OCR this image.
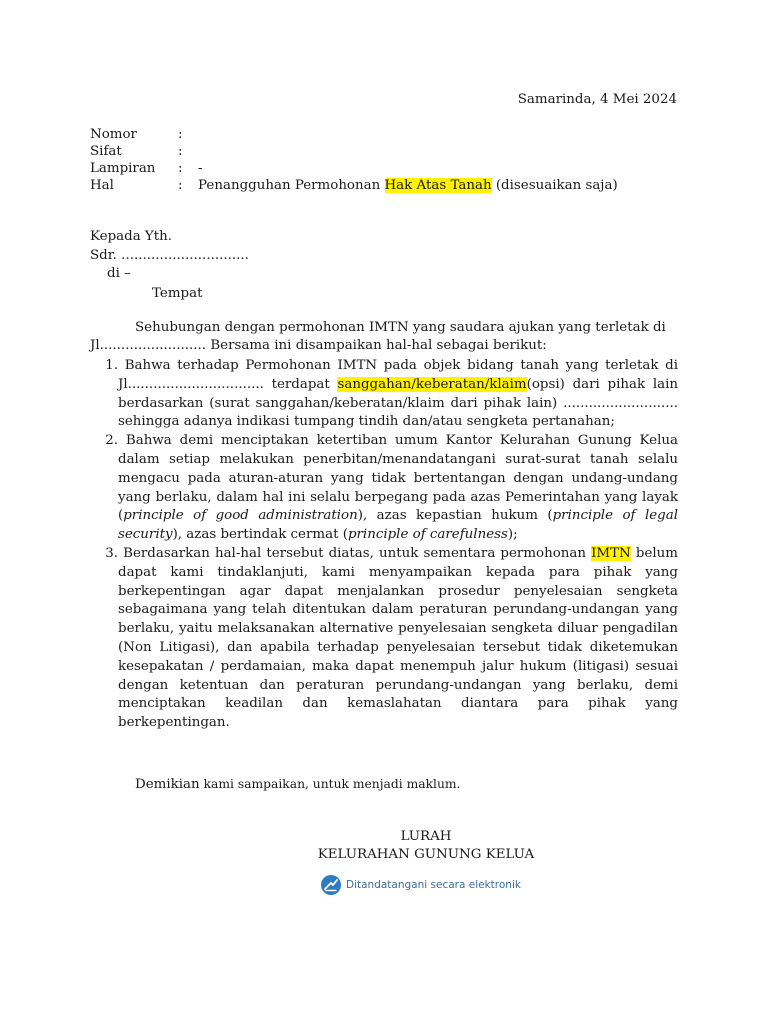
Samarinda, 4 Mei 2024
Nomor	:
Sifat	:
Lampiran : -
Hal	: Penangguhan Permohonan Hak Atas Tanah (disesuaikan saja)
Kepada Yth.
Sdr. ..............................
di –
Tempat
Sehubungan dengan permohonan IMTN yang saudara ajukan yang terletak di
Jl......................... Bersama ini disampaikan hal-hal sebagai berikut:
1. Bahwa terhadap Permohonan IMTN pada objek bidang tanah yang terletak di Jl................................ terdapat sanggahan/keberatan/klaim(opsi) dari pihak lain berdasarkan (surat sanggahan/keberatan/klaim dari pihak lain) ........................... sehingga adanya indikasi tumpang tindih dan/atau sengketa pertanahan;
2. Bahwa demi menciptakan ketertiban umum Kantor Kelurahan Gunung Kelua dalam setiap melakukan penerbitan/menandatangani surat-surat tanah selalu mengacu pada aturan-aturan yang tidak bertentangan dengan undang-undang yang berlaku, dalam hal ini selalu berpegang pada azas Pemerintahan yang layak (principle of good administration), azas kepastian hukum (principle of legal security), azas bertindak cermat (principle of carefulness);
3. Berdasarkan hal-hal tersebut diatas, untuk sementara permohonan IMTN belum dapat kami tindaklanjuti, kami menyampaikan kepada para pihak yang berkepentingan agar dapat menjalankan prosedur penyelesaian sengketa sebagaimana yang telah ditentukan dalam peraturan perundang-undangan yang berlaku, yaitu melaksanakan alternative penyelesaian sengketa diluar pengadilan (Non Litigasi), dan apabila terhadap penyelesaian tersebut tidak diketemukan kesepakatan / perdamaian, maka dapat menempuh jalur hukum (litigasi) sesuai dengan ketentuan dan peraturan perundang-undangan yang berlaku, demi menciptakan keadilan dan kemaslahatan diantara para pihak yang berkepentingan.
Demikian kami sampaikan, untuk menjadi maklum.
LURAH
KELURAHAN GUNUNG KELUA
Ditandatangani secara elektronik
